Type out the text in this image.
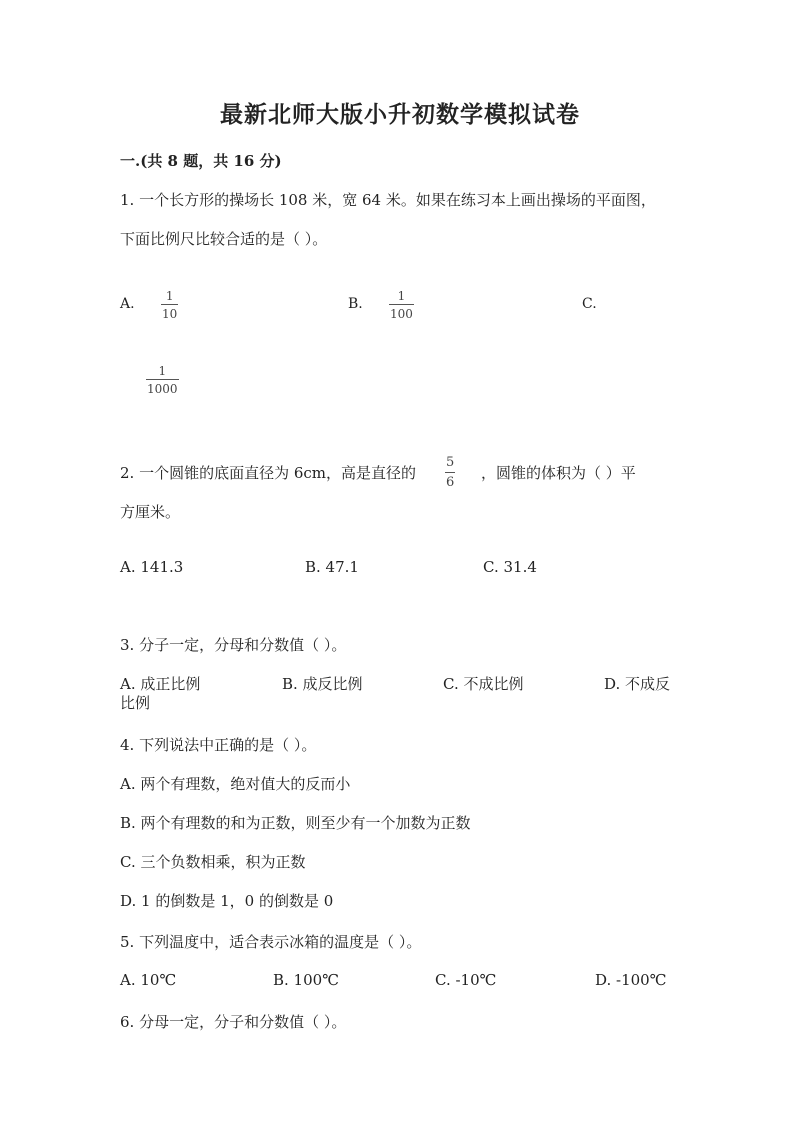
最新北师大版小升初数学模拟试卷
一.(共 8 题，共 16 分)
1. 一个长方形的操场长 108 米，宽 64 米。如果在练习本上画出操场的平面图，
下面比例尺比较合适的是（ ）。
A.	1
10
B.	1
100
C.
1
1000
2. 一个圆锥的底面直径为 6cm，高是直径的
5
6
，圆锥的体积为（ ）平
方厘米。
A. 141.3	B. 47.1	C. 31.4
3. 分子一定，分母和分数值（ ）。
A. 成正比例	B. 成反比例	C. 不成比例	D. 不成反
比例
4. 下列说法中正确的是（ ）。
A. 两个有理数，绝对值大的反而小
B. 两个有理数的和为正数，则至少有一个加数为正数
C. 三个负数相乘，积为正数
D. 1 的倒数是 1，0 的倒数是 0
5. 下列温度中，适合表示冰箱的温度是（ ）。
A. 10℃	B. 100℃	C. -10℃	D. -100℃
6. 分母一定，分子和分数值（ ）。
